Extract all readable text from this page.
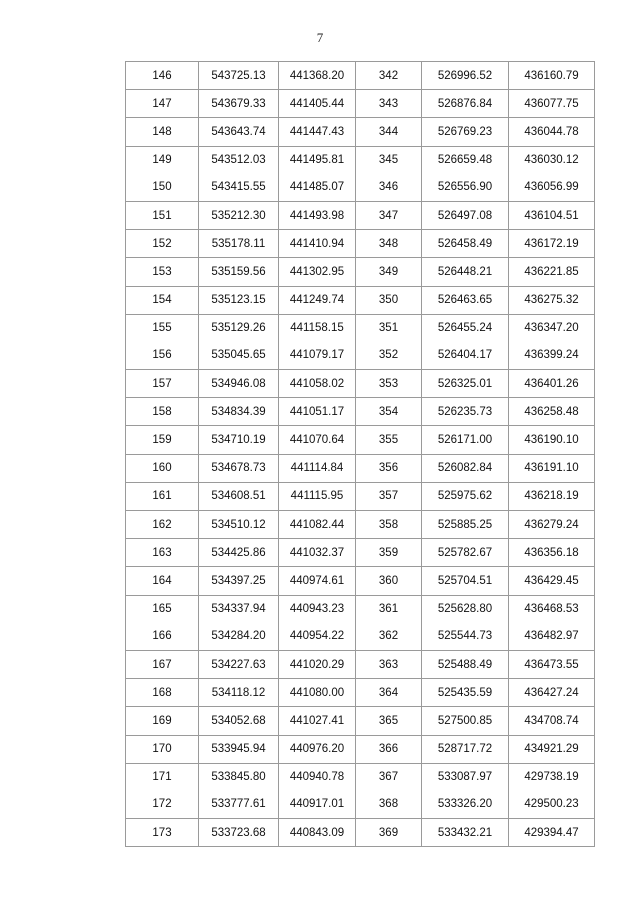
7
146	543725.13	441368.20	342	526996.52	436160.79
147	543679.33	441405.44	343	526876.84	436077.75
148	543643.74	441447.43	344	526769.23	436044.78
149	543512.03	441495.81	345	526659.48	436030.12
150	543415.55	441485.07	346	526556.90	436056.99
151	535212.30	441493.98	347	526497.08	436104.51
152	535178.11	441410.94	348	526458.49	436172.19
153	535159.56	441302.95	349	526448.21	436221.85
154	535123.15	441249.74	350	526463.65	436275.32
155	535129.26	441158.15	351	526455.24	436347.20
156	535045.65	441079.17	352	526404.17	436399.24
157	534946.08	441058.02	353	526325.01	436401.26
158	534834.39	441051.17	354	526235.73	436258.48
159	534710.19	441070.64	355	526171.00	436190.10
160	534678.73	441114.84	356	526082.84	436191.10
161	534608.51	441115.95	357	525975.62	436218.19
162	534510.12	441082.44	358	525885.25	436279.24
163	534425.86	441032.37	359	525782.67	436356.18
164	534397.25	440974.61	360	525704.51	436429.45
165	534337.94	440943.23	361	525628.80	436468.53
166	534284.20	440954.22	362	525544.73	436482.97
167	534227.63	441020.29	363	525488.49	436473.55
168	534118.12	441080.00	364	525435.59	436427.24
169	534052.68	441027.41	365	527500.85	434708.74
170	533945.94	440976.20	366	528717.72	434921.29
171	533845.80	440940.78	367	533087.97	429738.19
172	533777.61	440917.01	368	533326.20	429500.23
173	533723.68	440843.09	369	533432.21	429394.47
